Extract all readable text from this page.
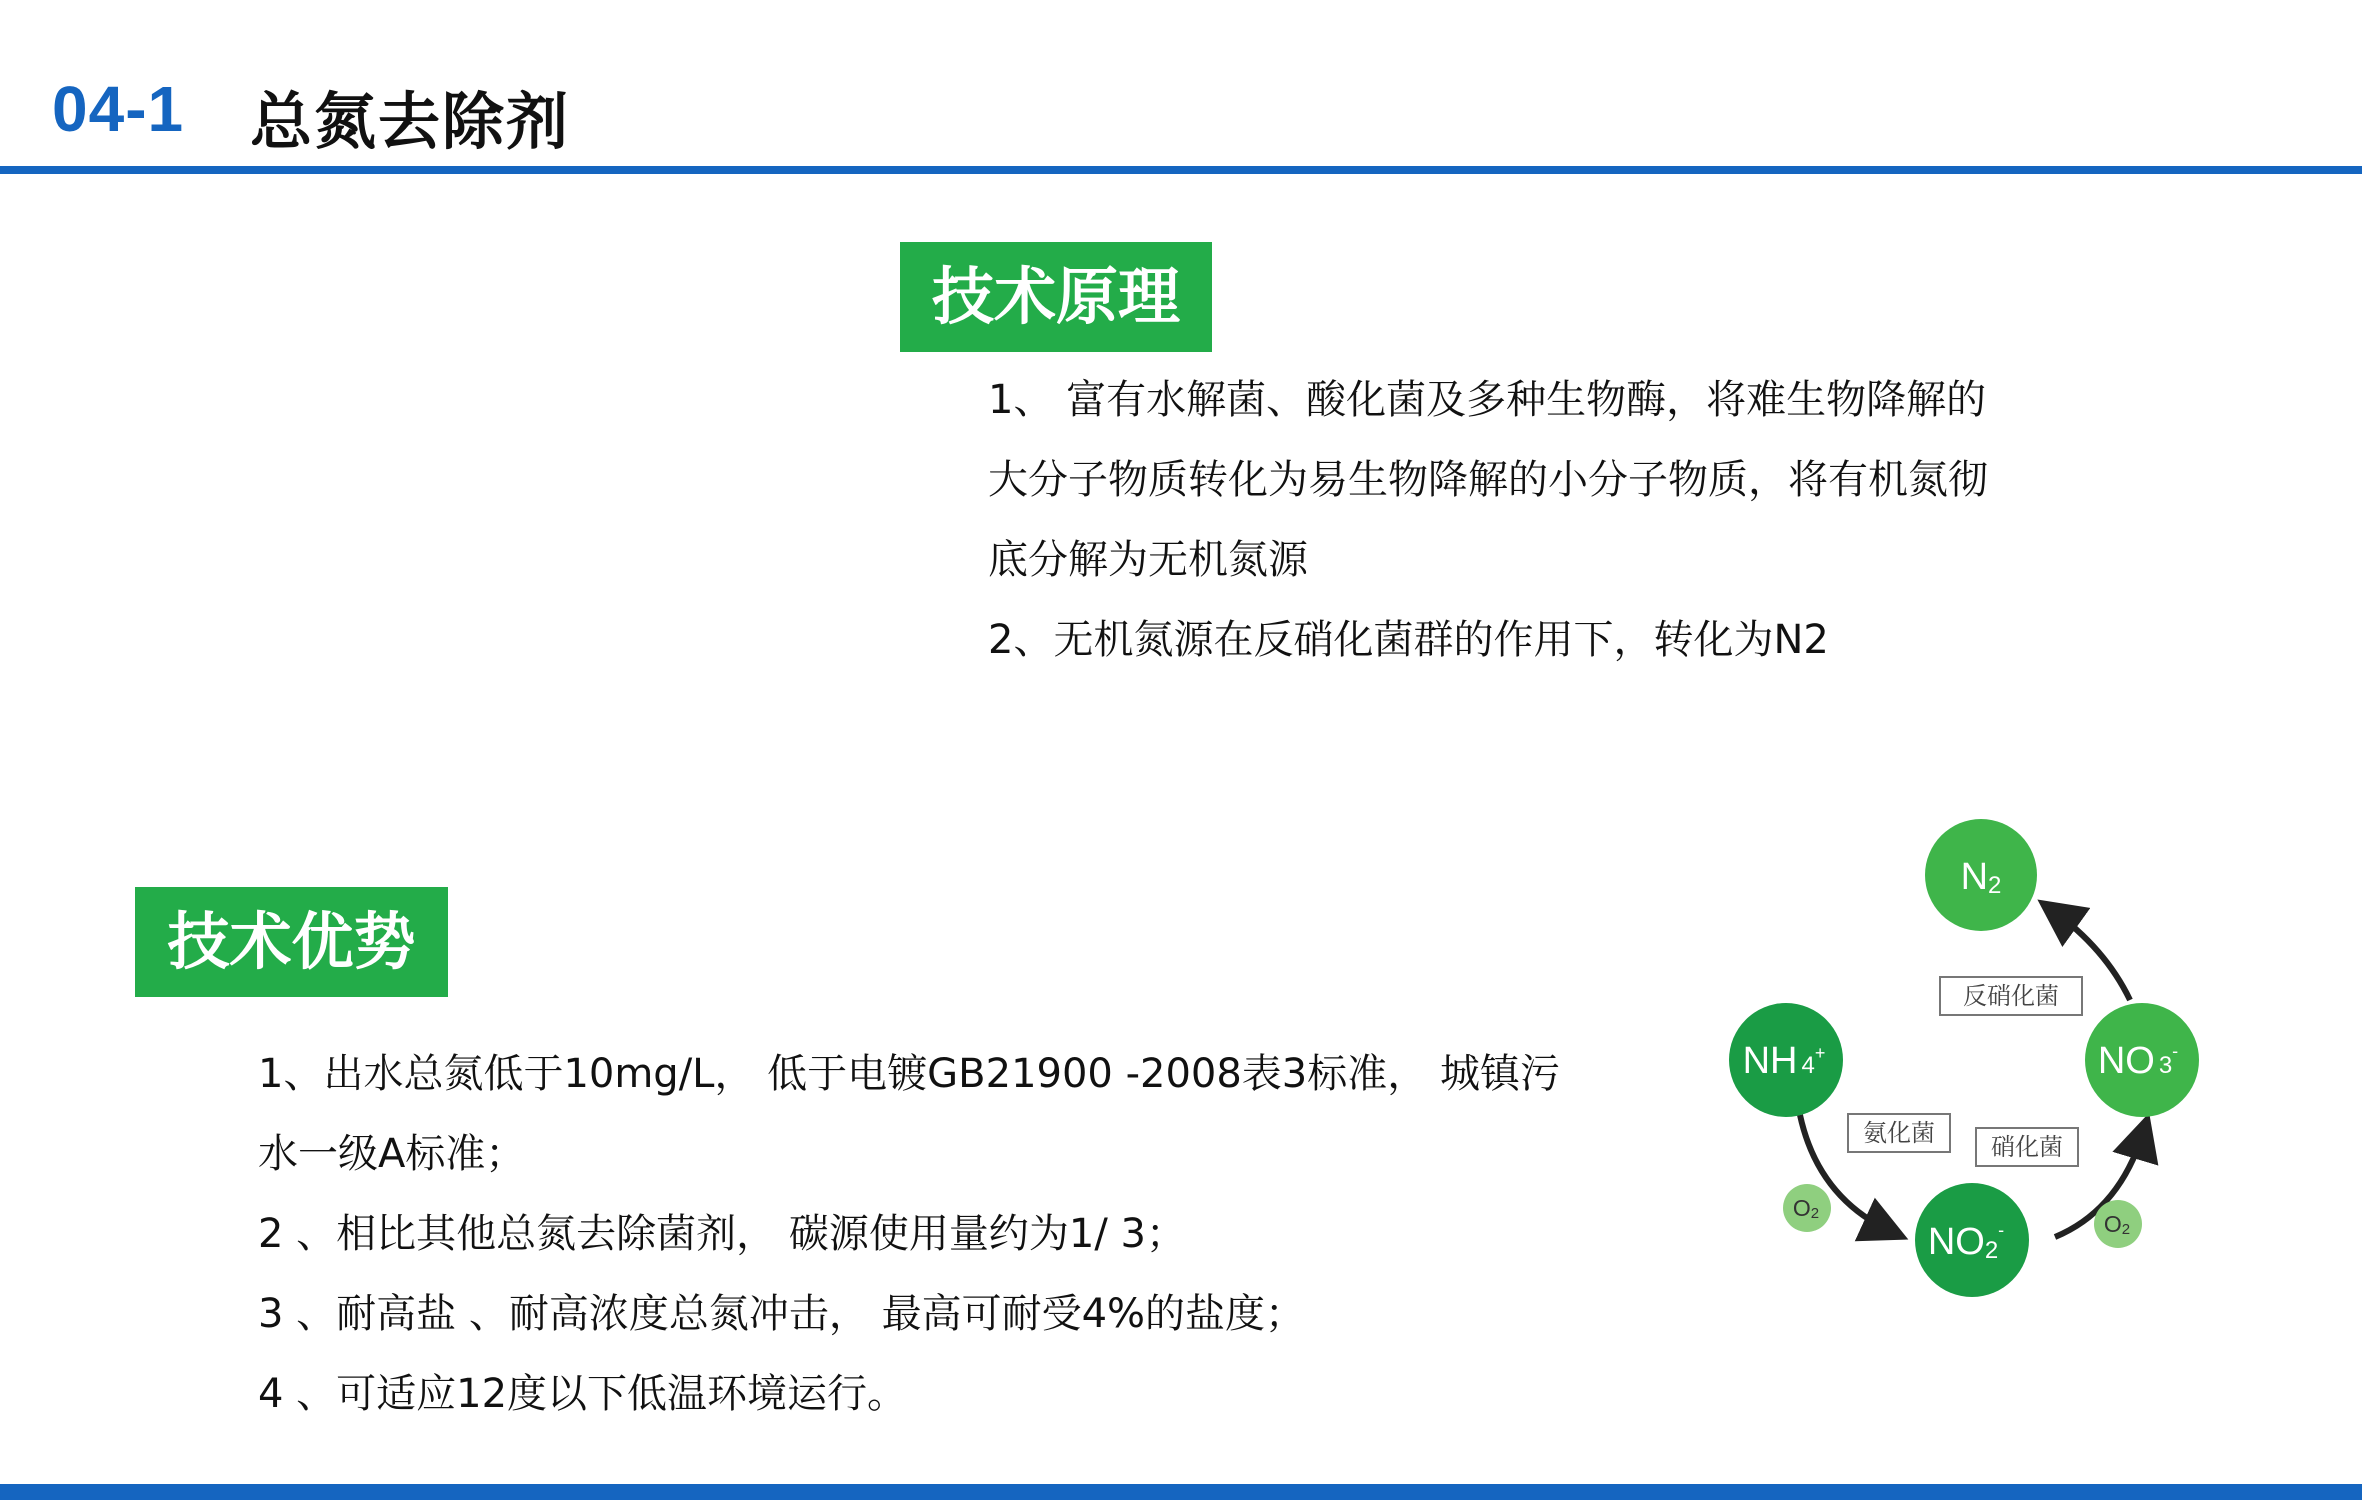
04-1 总氮去除剂
技术原理

1、 富有水解菌、酸化菌及多种生物酶，将难生物降解的

大分子物质转化为易生物降解的小分子物质，将有机氮彻

底分解为无机氮源

2、无机氮源在反硝化菌群的作用下，转化为N2

技术优势

1、出水总氮低于10mg/L， 低于电镀GB21900 -2008表3标准， 城镇污

水一级A标准；

2 、相比其他总氮去除菌剂， 碳源使用量约为1/ 3；

3 、耐高盐 、耐高浓度总氮冲击， 最高可耐受4%的盐度；

4 、可适应12度以下低温环境运行。

N2
NH 4+	NO 3-
NO2-
O2	O2
反硝化菌
氨化菌 硝化菌
